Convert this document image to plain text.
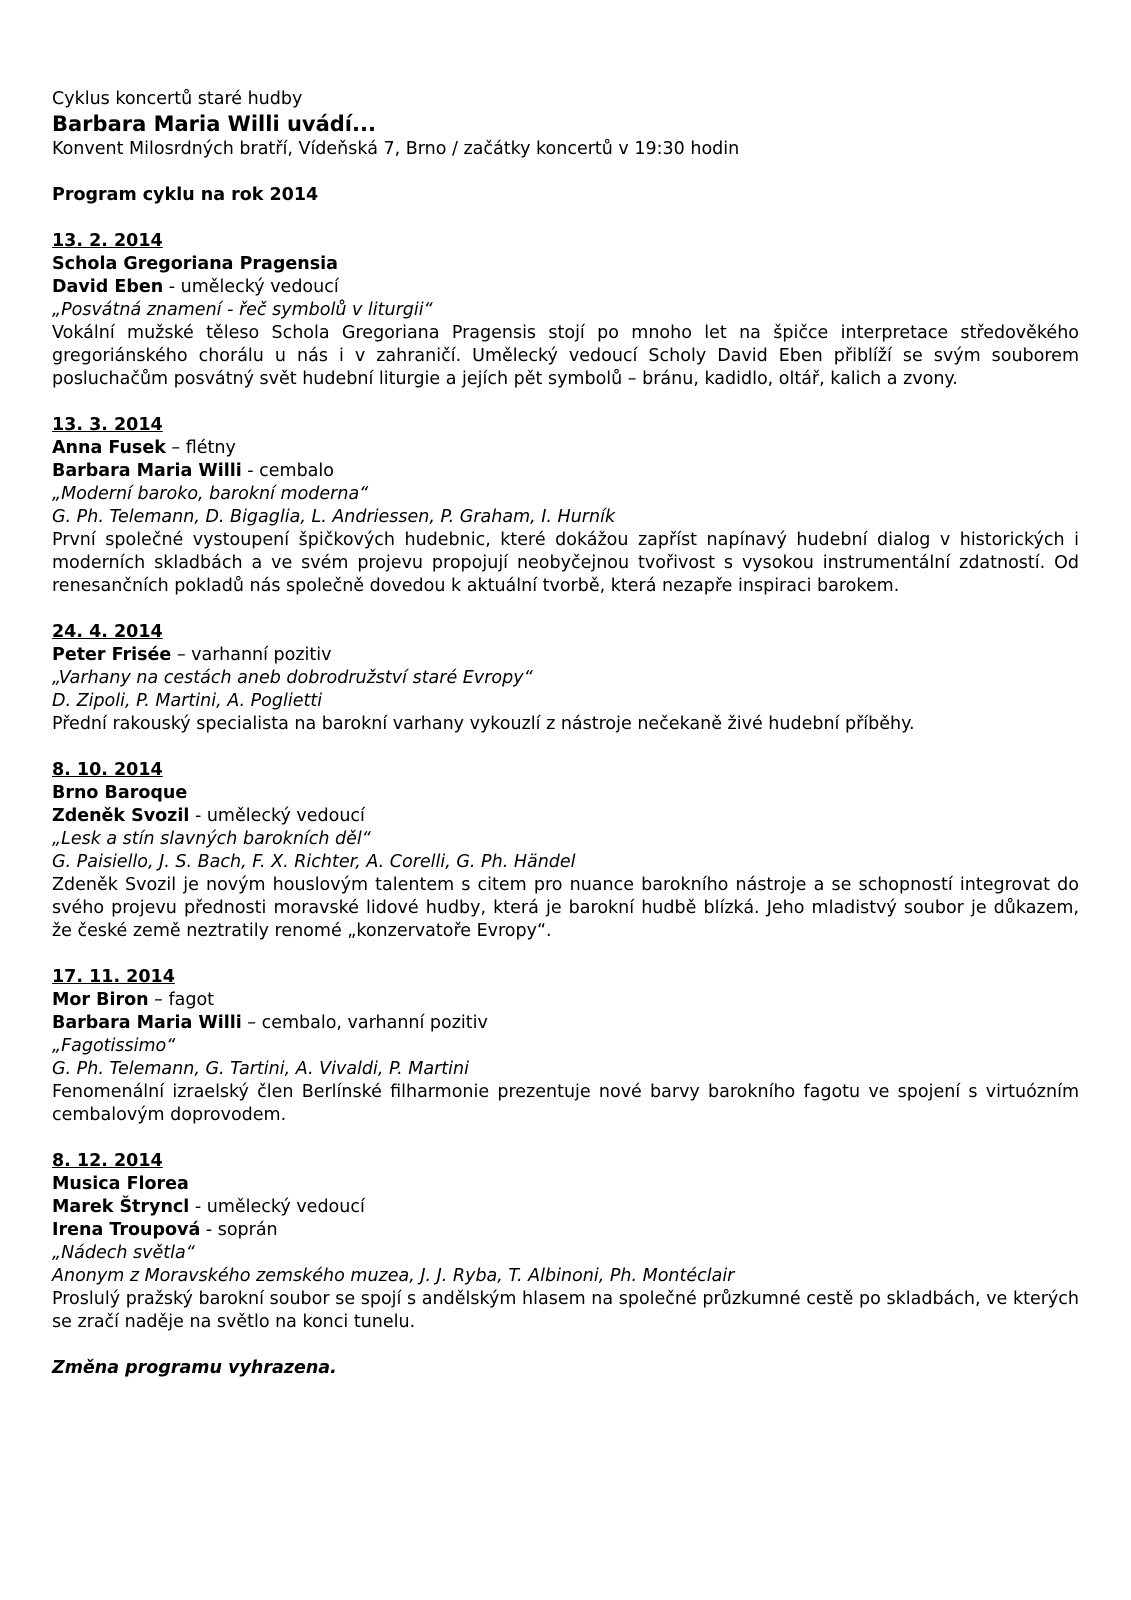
Cyklus koncertů staré hudby
Barbara Maria Willi uvádí...
Konvent Milosrdných bratří, Vídeňská 7, Brno / začátky koncertů v 19:30 hodin
Program cyklu na rok 2014
13. 2. 2014
Schola Gregoriana Pragensia
David Eben - umělecký vedoucí
„Posvátná znamení - řeč symbolů v liturgii“
Vokální mužské těleso Schola Gregoriana Pragensis stojí po mnoho let na špičce interpretace středověkého gregoriánského chorálu u nás i v zahraničí. Umělecký vedoucí Scholy David Eben přiblíží se svým souborem posluchačům posvátný svět hudební liturgie a jejích pět symbolů – bránu, kadidlo, oltář, kalich a zvony.
13. 3. 2014
Anna Fusek – flétny
Barbara Maria Willi - cembalo
„Moderní baroko, barokní moderna“
G. Ph. Telemann, D. Bigaglia, L. Andriessen, P. Graham, I. Hurník
První společné vystoupení špičkových hudebnic, které dokážou zapříst napínavý hudební dialog v historických i moderních skladbách a ve svém projevu propojují neobyčejnou tvořivost s vysokou instrumentální zdatností. Od renesančních pokladů nás společně dovedou k aktuální tvorbě, která nezapře inspiraci barokem.
24. 4. 2014
Peter Frisée – varhanní pozitiv
„Varhany na cestách aneb dobrodružství staré Evropy“
D. Zipoli, P. Martini, A. Poglietti
Přední rakouský specialista na barokní varhany vykouzlí z nástroje nečekaně živé hudební příběhy.
8. 10. 2014
Brno Baroque
Zdeněk Svozil - umělecký vedoucí
„Lesk a stín slavných barokních děl“
G. Paisiello, J. S. Bach, F. X. Richter, A. Corelli, G. Ph. Händel
Zdeněk Svozil je novým houslovým talentem s citem pro nuance barokního nástroje a se schopností integrovat do svého projevu přednosti moravské lidové hudby, která je barokní hudbě blízká. Jeho mladistvý soubor je důkazem, že české země neztratily renomé „konzervatoře Evropy“.
17. 11. 2014
Mor Biron – fagot
Barbara Maria Willi – cembalo, varhanní pozitiv
„Fagotissimo“
G. Ph. Telemann, G. Tartini, A. Vivaldi, P. Martini
Fenomenální izraelský člen Berlínské filharmonie prezentuje nové barvy barokního fagotu ve spojení s virtuózním cembalovým doprovodem.
8. 12. 2014
Musica Florea
Marek Štryncl - umělecký vedoucí
Irena Troupová - soprán
„Nádech světla“
Anonym z Moravského zemského muzea, J. J. Ryba, T. Albinoni, Ph. Montéclair
Proslulý pražský barokní soubor se spojí s andělským hlasem na společné průzkumné cestě po skladbách, ve kterých se zračí naděje na světlo na konci tunelu.
Změna programu vyhrazena.
